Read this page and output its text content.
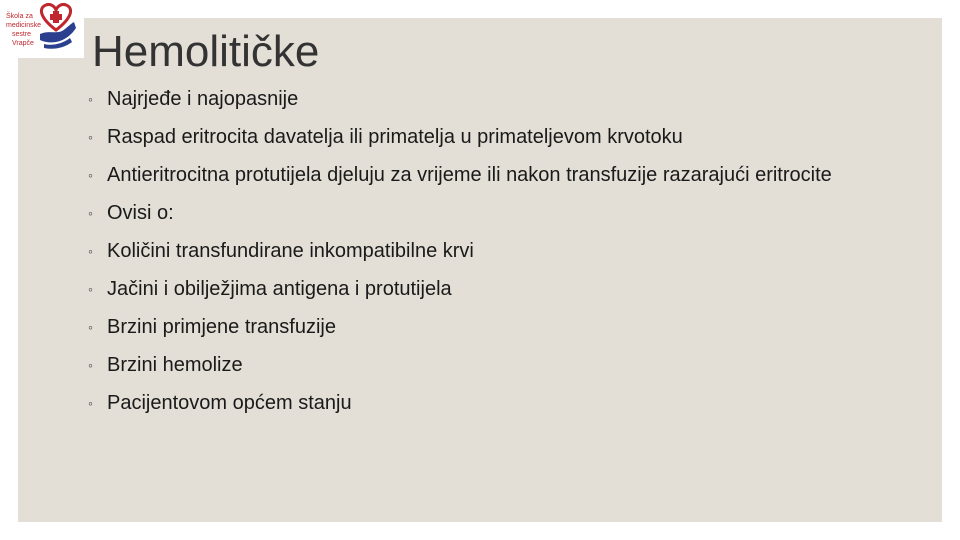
Škola za
medicinske
sestre
Vrapče Hemolitičke
◦ Najrjeđe i najopasnije
◦ Raspad eritrocita davatelja ili primatelja u primateljevom krvotoku
◦ Antieritrocitna protutijela djeluju za vrijeme ili nakon transfuzije razarajući eritrocite
◦ Ovisi o:
◦ Količini transfundirane inkompatibilne krvi
◦ Jačini i obilježjima antigena i protutijela
◦ Brzini primjene transfuzije
◦ Brzini hemolize
◦ Pacijentovom općem stanju
